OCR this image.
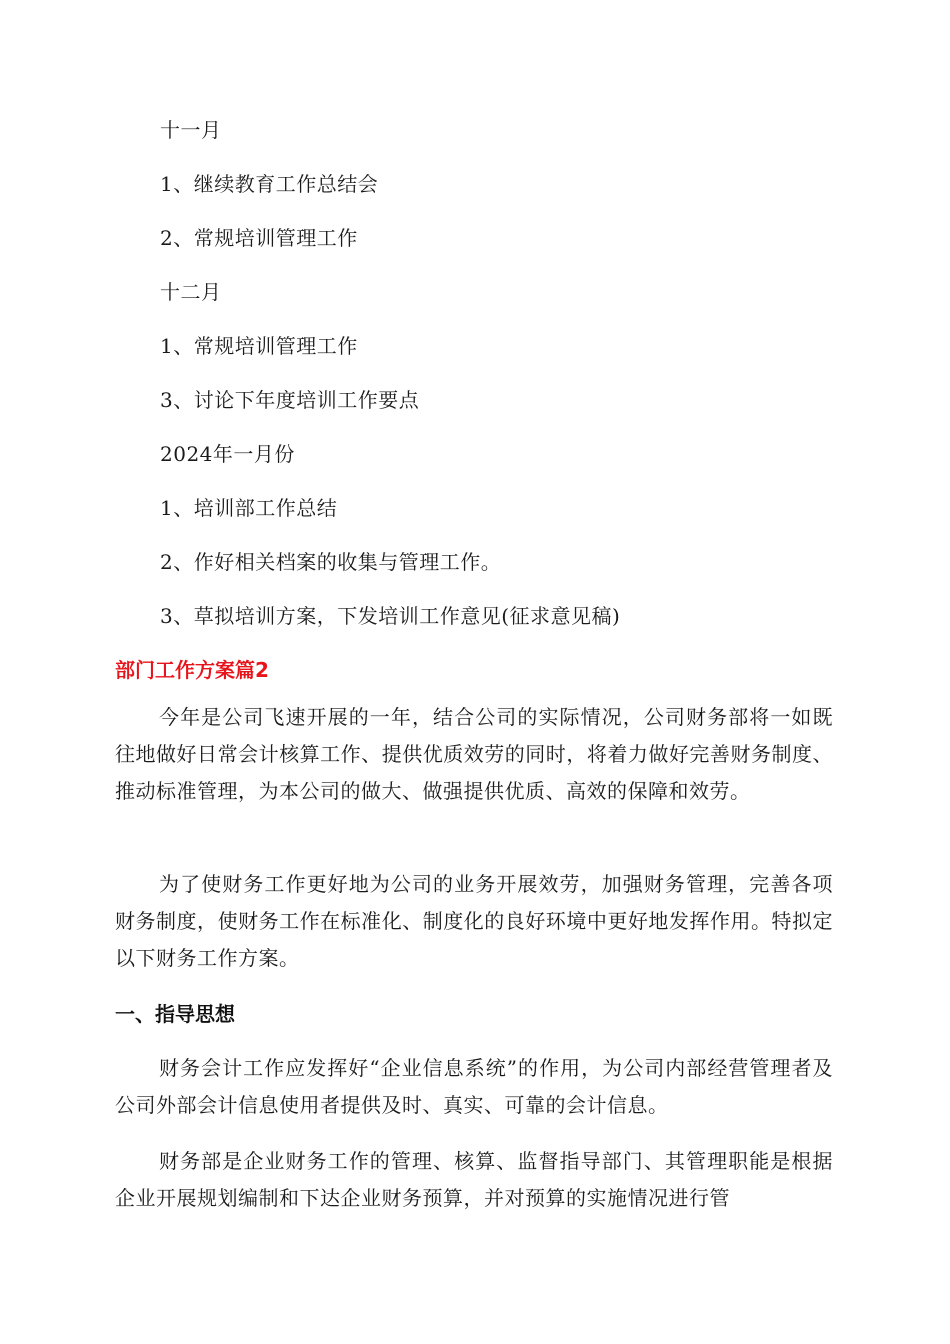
十一月
1、继续教育工作总结会
2、常规培训管理工作
十二月
1、常规培训管理工作
3、讨论下年度培训工作要点
2024年一月份
1、培训部工作总结
2、作好相关档案的收集与管理工作。
3、草拟培训方案，下发培训工作意见(征求意见稿)
部门工作方案篇2
今年是公司飞速开展的一年，结合公司的实际情况，公司财务部将一如既往地做好日常会计核算工作、提供优质效劳的同时，将着力做好完善财务制度、推动标准管理，为本公司的做大、做强提供优质、高效的保障和效劳。
为了使财务工作更好地为公司的业务开展效劳，加强财务管理，完善各项财务制度，使财务工作在标准化、制度化的良好环境中更好地发挥作用。特拟定以下财务工作方案。
一、指导思想
财务会计工作应发挥好“企业信息系统”的作用，为公司内部经营管理者及公司外部会计信息使用者提供及时、真实、可靠的会计信息。
财务部是企业财务工作的管理、核算、监督指导部门、其管理职能是根据企业开展规划编制和下达企业财务预算，并对预算的实施情况进行管
